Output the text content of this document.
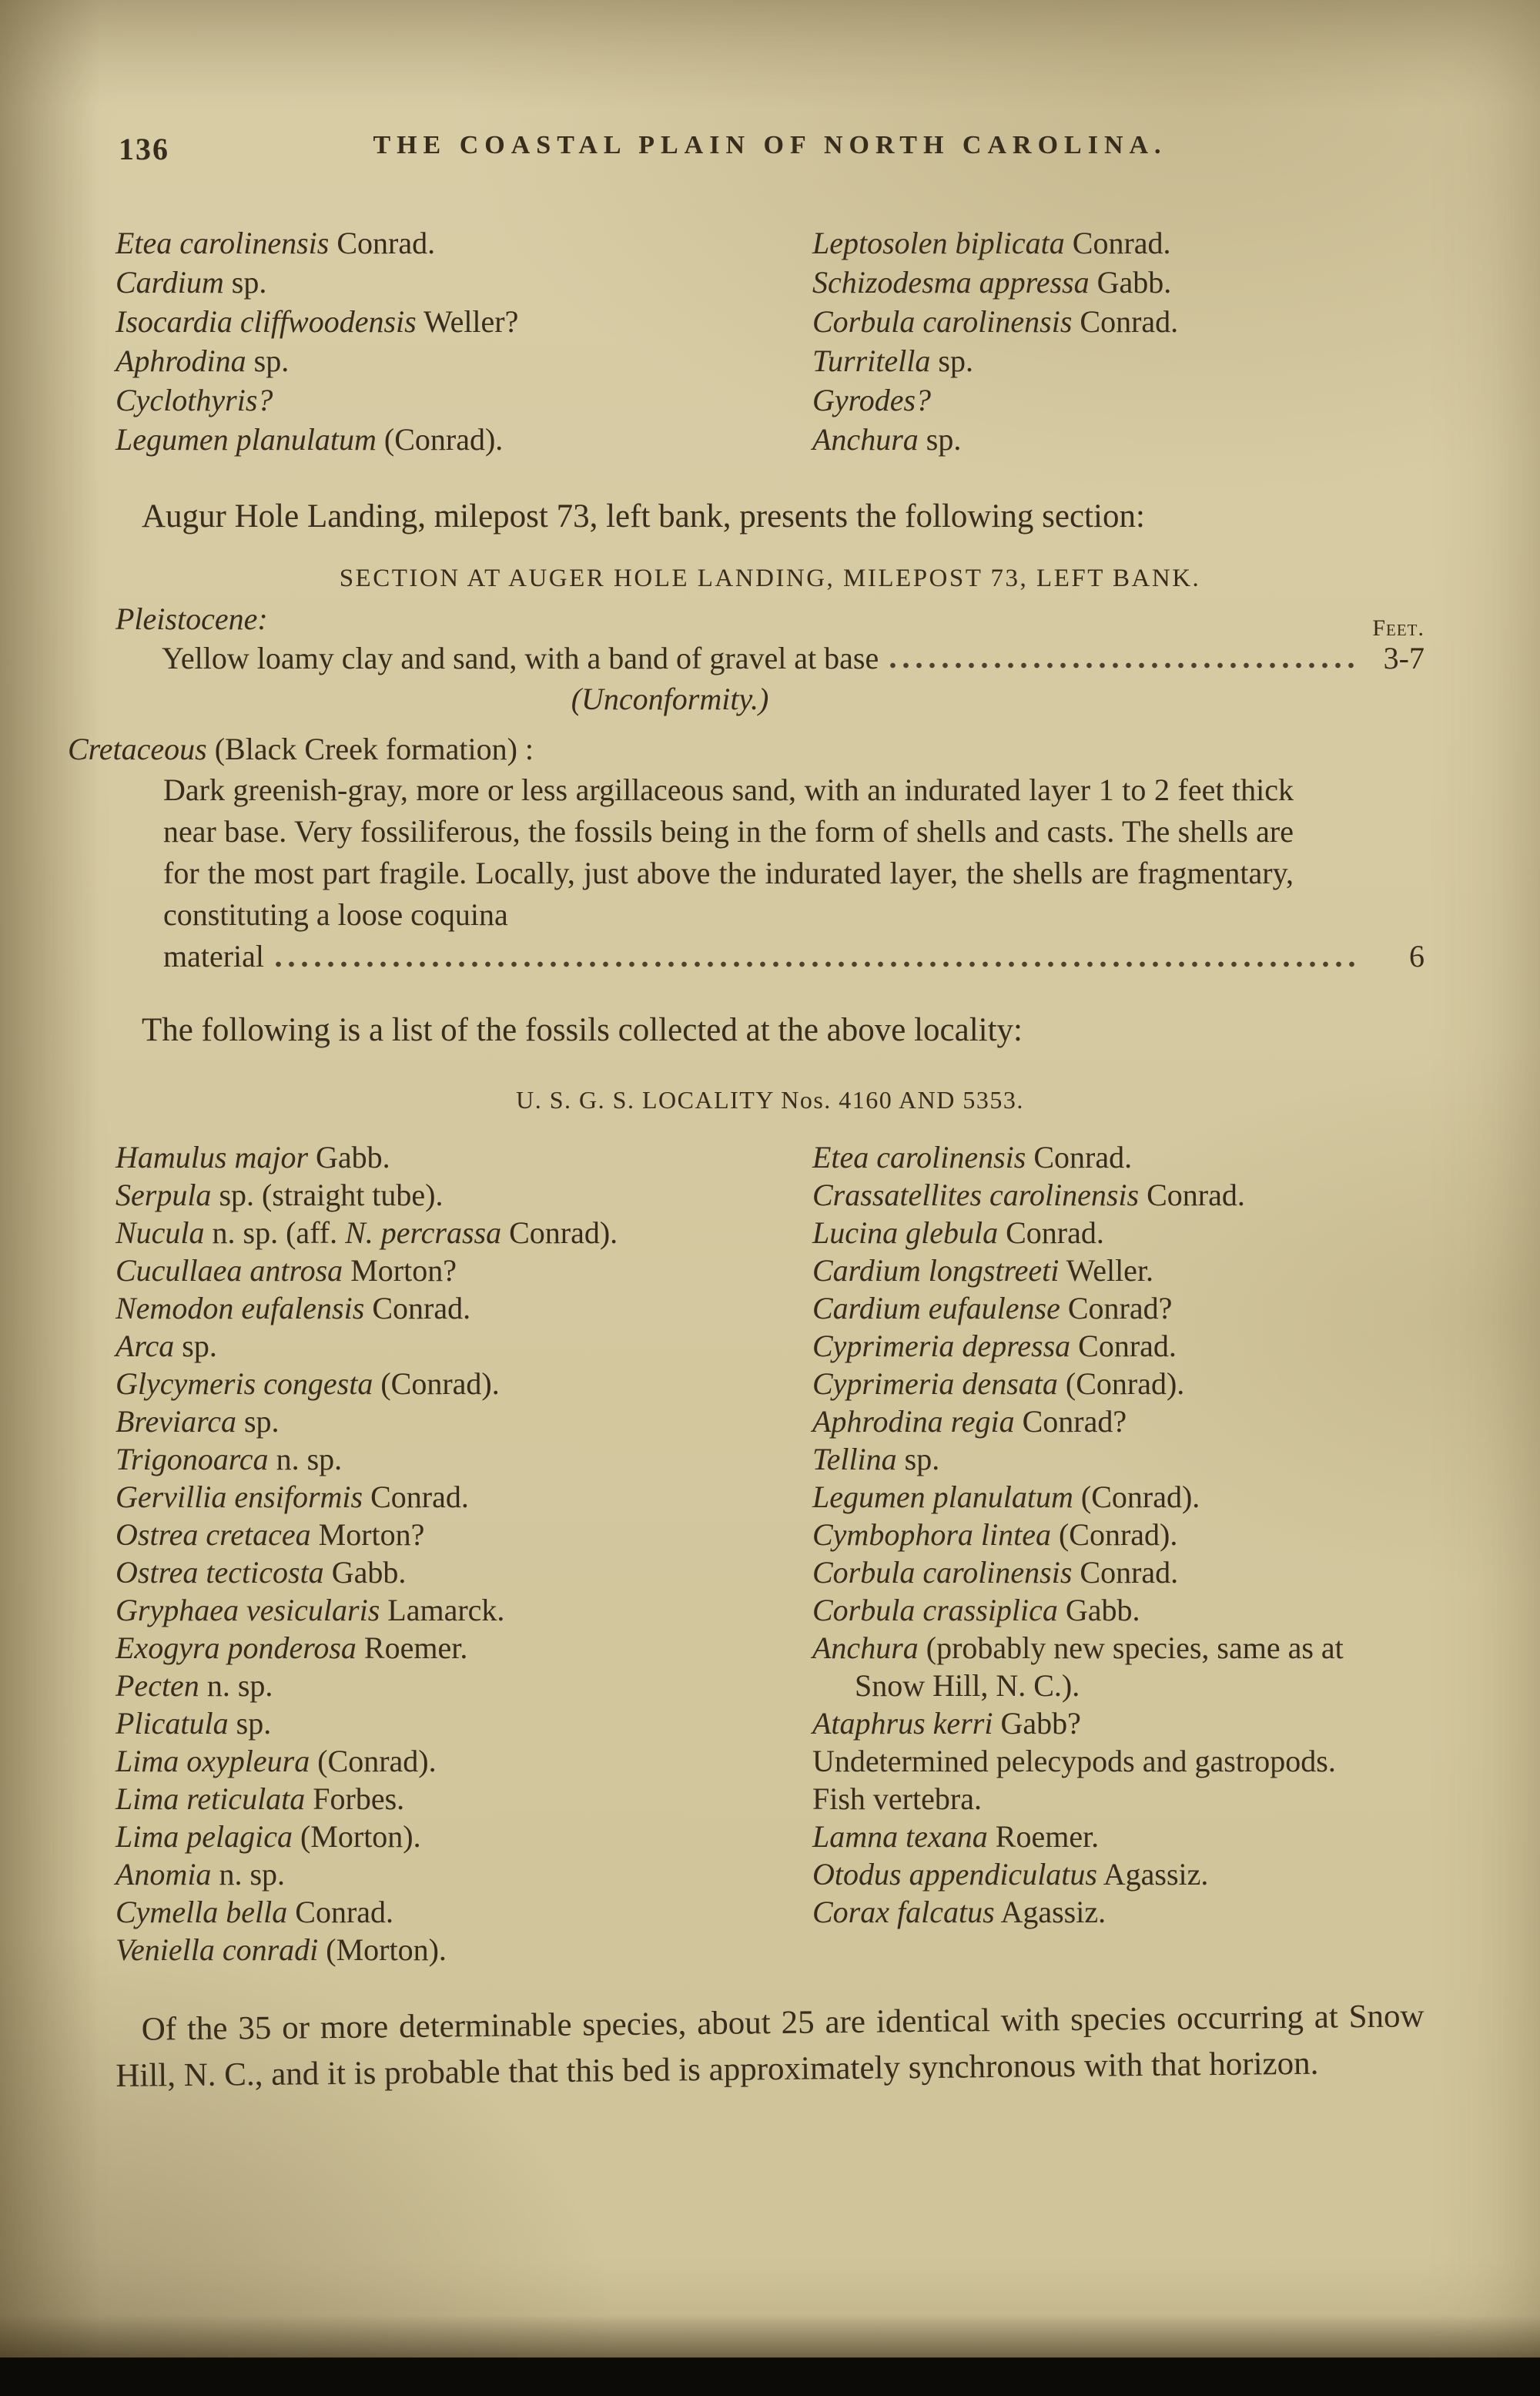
136	THE COASTAL PLAIN OF NORTH CAROLINA.
Etea carolinensis Conrad.
Cardium sp.
Isocardia cliffwoodensis Weller?
Aphrodina sp.
Cyclothyris?
Legumen planulatum (Conrad).
Leptosolen biplicata Conrad.
Schizodesma appressa Gabb.
Corbula carolinensis Conrad.
Turritella sp.
Gyrodes?
Anchura sp.

Augur Hole Landing, milepost 73, left bank, presents the following section:

SECTION AT AUGER HOLE LANDING, MILEPOST 73, LEFT BANK.
Pleistocene:	Feet.
Yellow loamy clay and sand, with a band of gravel at base	3-7
(Unconformity.)
Cretaceous (Black Creek formation) :
Dark greenish-gray, more or less argillaceous sand, with an indurated layer 1 to 2 feet thick near base. Very fossiliferous, the fossils being in the form of shells and casts. The shells are for the most part fragile. Locally, just above the indurated layer, the shells are fragmentary, constituting a loose coquina
material	6

The following is a list of the fossils collected at the above locality:

U. S. G. S. LOCALITY Nos. 4160 AND 5353.
Hamulus major Gabb.
Serpula sp. (straight tube).
Nucula n. sp. (aff. N. percrassa Conrad).
Cucullaea antrosa Morton?
Nemodon eufalensis Conrad.
Arca sp.
Glycymeris congesta (Conrad).
Breviarca sp.
Trigonoarca n. sp.
Gervillia ensiformis Conrad.
Ostrea cretacea Morton?
Ostrea tecticosta Gabb.
Gryphaea vesicularis Lamarck.
Exogyra ponderosa Roemer.
Pecten n. sp.
Plicatula sp.
Lima oxypleura (Conrad).
Lima reticulata Forbes.
Lima pelagica (Morton).
Anomia n. sp.
Cymella bella Conrad.
Veniella conradi (Morton).
Etea carolinensis Conrad.
Crassatellites carolinensis Conrad.
Lucina glebula Conrad.
Cardium longstreeti Weller.
Cardium eufaulense Conrad?
Cyprimeria depressa Conrad.
Cyprimeria densata (Conrad).
Aphrodina regia Conrad?
Tellina sp.
Legumen planulatum (Conrad).
Cymbophora lintea (Conrad).
Corbula carolinensis Conrad.
Corbula crassiplica Gabb.
Anchura (probably new species, same as at Snow Hill, N. C.).
Ataphrus kerri Gabb?
Undetermined pelecypods and gastropods.
Fish vertebra.
Lamna texana Roemer.
Otodus appendiculatus Agassiz.
Corax falcatus Agassiz.

Of the 35 or more determinable species, about 25 are identical with species occurring at Snow Hill, N. C., and it is probable that this bed is approximately synchronous with that horizon.
